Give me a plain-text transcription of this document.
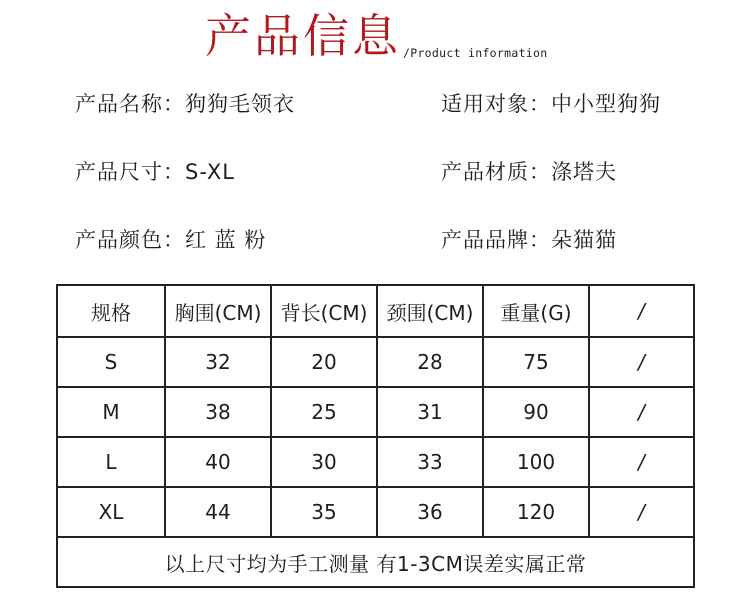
产品信息 /Product information
产品名称：狗狗毛领衣	适用对象：中小型狗狗
产品尺寸：S-XL	产品材质：涤塔夫
产品颜色：红 蓝 粉	产品品牌：朵猫猫
规格	胸围(CM)	背长(CM)	颈围(CM)	重量(G)	/
S	32	20	28	75	/
M	38	25	31	90	/
L	40	30	33	100	/
XL	44	35	36	120	/
以上尺寸均为手工测量 有1-3CM误差实属正常					
